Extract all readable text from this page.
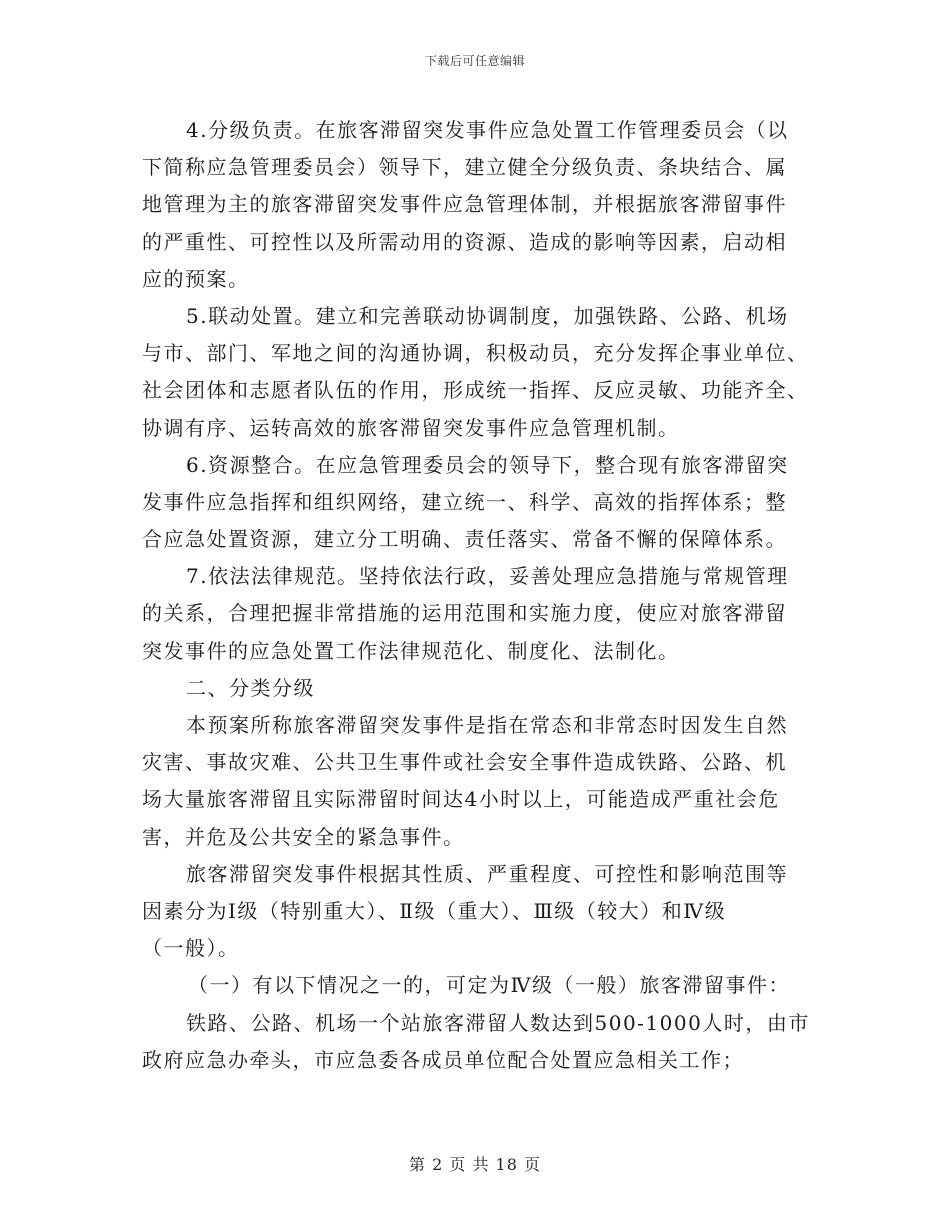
下载后可任意编辑
4.分级负责。在旅客滞留突发事件应急处置工作管理委员会（以
下简称应急管理委员会）领导下，建立健全分级负责、条块结合、属
地管理为主的旅客滞留突发事件应急管理体制，并根据旅客滞留事件
的严重性、可控性以及所需动用的资源、造成的影响等因素，启动相
应的预案。
5.联动处置。建立和完善联动协调制度，加强铁路、公路、机场
与市、部门、军地之间的沟通协调，积极动员，充分发挥企事业单位、
社会团体和志愿者队伍的作用，形成统一指挥、反应灵敏、功能齐全、
协调有序、运转高效的旅客滞留突发事件应急管理机制。
6.资源整合。在应急管理委员会的领导下，整合现有旅客滞留突
发事件应急指挥和组织网络，建立统一、科学、高效的指挥体系；整
合应急处置资源，建立分工明确、责任落实、常备不懈的保障体系。
7.依法法律规范。坚持依法行政，妥善处理应急措施与常规管理
的关系，合理把握非常措施的运用范围和实施力度，使应对旅客滞留
突发事件的应急处置工作法律规范化、制度化、法制化。
二、分类分级
本预案所称旅客滞留突发事件是指在常态和非常态时因发生自然
灾害、事故灾难、公共卫生事件或社会安全事件造成铁路、公路、机
场大量旅客滞留且实际滞留时间达4小时以上，可能造成严重社会危
害，并危及公共安全的紧急事件。
旅客滞留突发事件根据其性质、严重程度、可控性和影响范围等
因素分为Ⅰ级（特别重大）、Ⅱ级（重大）、Ⅲ级（较大）和Ⅳ级
（一般）。
（一）有以下情况之一的，可定为Ⅳ级（一般）旅客滞留事件：
铁路、公路、机场一个站旅客滞留人数达到500-1000人时，由市
政府应急办牵头，市应急委各成员单位配合处置应急相关工作；
第 2 页 共 18 页
